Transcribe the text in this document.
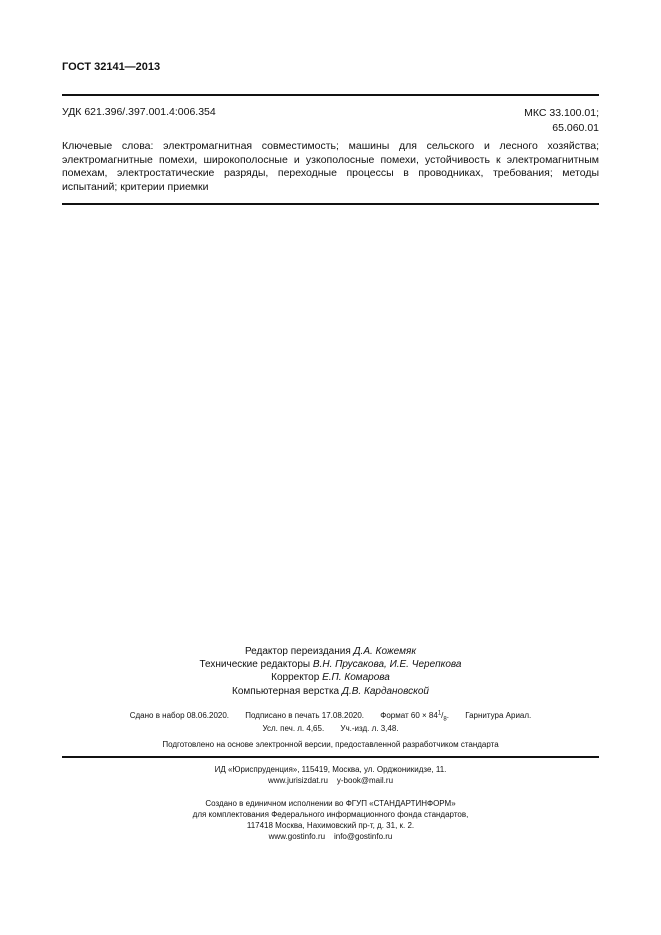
ГОСТ 32141—2013
УДК 621.396/.397.001.4:006.354	МКС 33.100.01;
65.060.01
Ключевые слова: электромагнитная совместимость; машины для сельского и лесного хозяйства; электромагнитные помехи, широкополосные и узкополосные помехи, устойчивость к электромагнитным помехам, электростатические разряды, переходные процессы в проводниках, требования; методы испытаний; критерии приемки
Редактор переиздания Д.А. Кожемяк
Технические редакторы В.Н. Прусакова, И.Е. Черепкова
Корректор Е.П. Комарова
Компьютерная верстка Д.В. Кардановской
Сдано в набор 08.06.2020. Подписано в печать 17.08.2020. Формат $60 \times 84^1/_8$. Гарнитура Ариал.
Усл. печ. л. 4,65. Уч.-изд. л. 3,48.
Подготовлено на основе электронной версии, предоставленной разработчиком стандарта
ИД «Юриспруденция», 115419, Москва, ул. Орджоникидзе, 11.
www.jurisizdat.ru y-book@mail.ru
Создано в единичном исполнении во ФГУП «СТАНДАРТИНФОРМ»
для комплектования Федерального информационного фонда стандартов,
117418 Москва, Нахимовский пр-т, д. 31, к. 2.
www.gostinfo.ru info@gostinfo.ru
